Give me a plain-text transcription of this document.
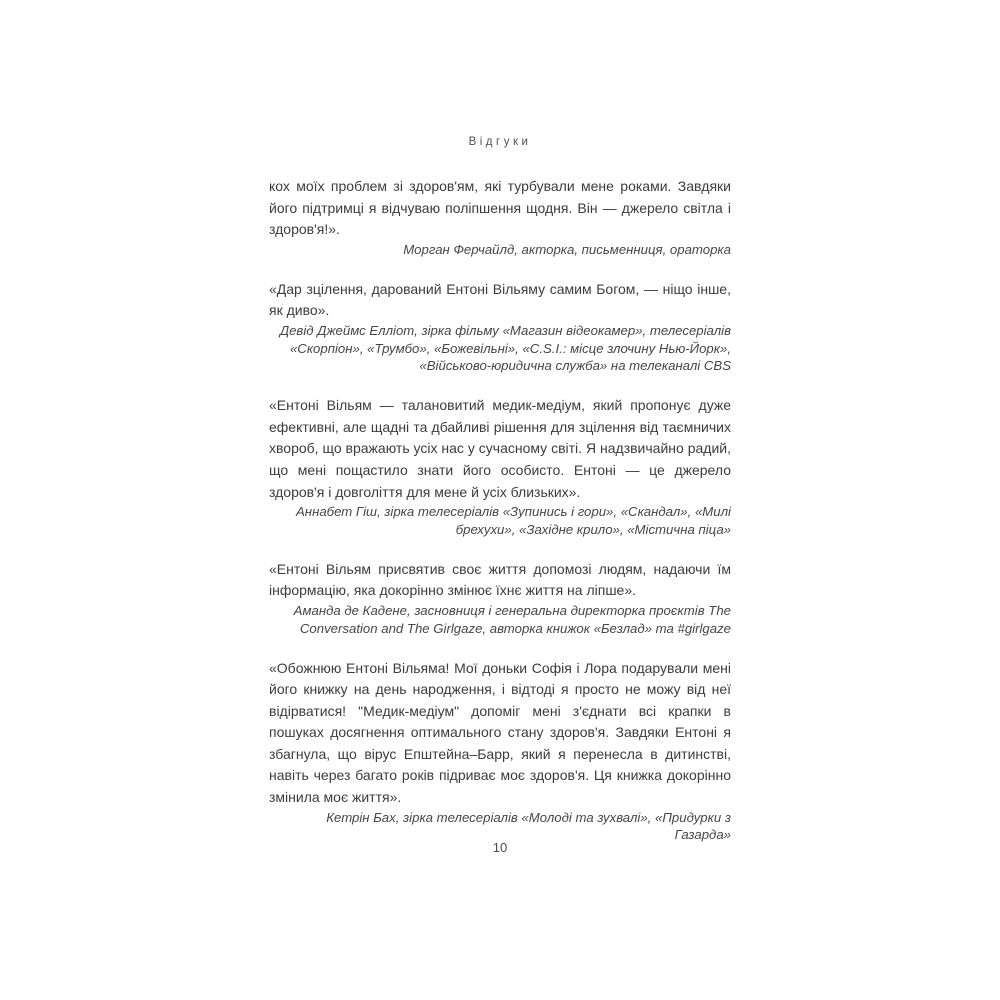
Відгуки
кох моїх проблем зі здоров'ям, які турбували мене роками. Завдяки його підтримці я відчуваю поліпшення щодня. Він — джерело світла і здоров'я!».
Морган Ферчайлд, акторка, письменниця, ораторка
«Дар зцілення, дарований Ентоні Вільяму самим Богом, — ніщо інше, як диво».
Девід Джеймс Елліот, зірка фільму «Магазин відеокамер», телесеріалів «Скорпіон», «Трумбо», «Божевільні», «C.S.I.: місце злочину Нью-Йорк», «Військово-юридична служба» на телеканалі CBS
«Ентоні Вільям — талановитий медик-медіум, який пропонує дуже ефективні, але щадні та дбайливі рішення для зцілення від таємничих хвороб, що вражають усіх нас у сучасному світі. Я надзвичайно радий, що мені пощастило знати його особисто. Ентоні — це джерело здоров'я і довголіття для мене й усіх близьких».
Аннабет Гіш, зірка телесеріалів «Зупинись і гори», «Скандал», «Милі брехухи», «Західне крило», «Містична піца»
«Ентоні Вільям присвятив своє життя допомозі людям, надаючи їм інформацію, яка докорінно змінює їхнє життя на ліпше».
Аманда де Кадене, засновниця і генеральна директорка проєктів The Conversation and The Girlgaze, авторка книжок «Безлад» та #girlgaze
«Обожнюю Ентоні Вільяма! Мої доньки Софія і Лора подарували мені його книжку на день народження, і відтоді я просто не можу від неї відірватися! "Медик-медіум" допоміг мені з'єднати всі крапки в пошуках досягнення оптимального стану здоров'я. Завдяки Ентоні я збагнула, що вірус Епштейна–Барр, який я перенесла в дитинстві, навіть через багато років підриває моє здоров'я. Ця книжка докорінно змінила моє життя».
Кетрін Бах, зірка телесеріалів «Молоді та зухвалі», «Придурки з Газарда»
10
